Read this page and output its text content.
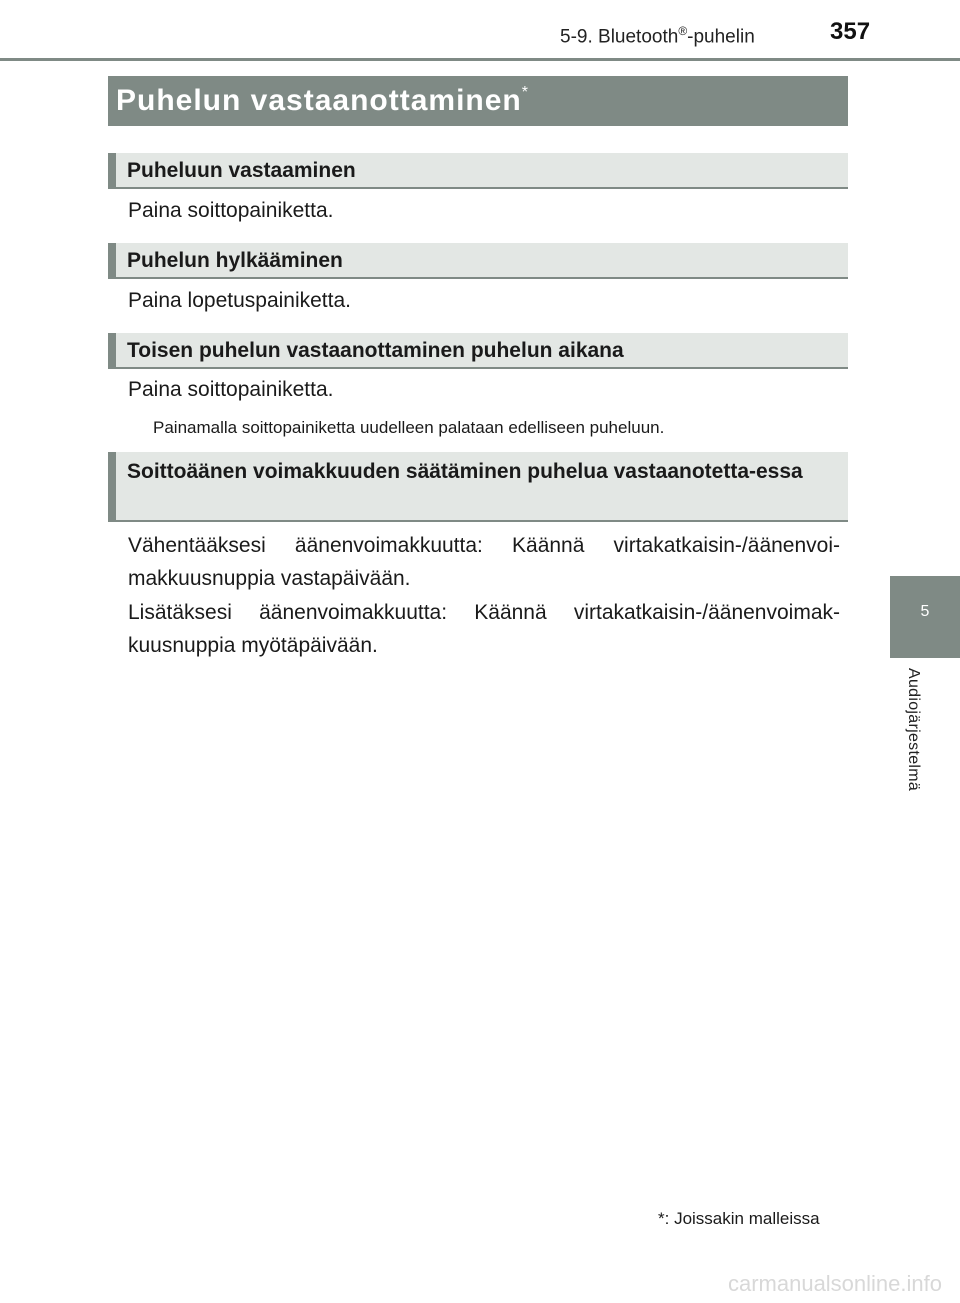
5-9. Bluetooth®-puhelin	357
5
Audiojärjestelmä
Puhelun vastaanottaminen*
Puheluun vastaaminen
Paina soittopainiketta.
Puhelun hylkääminen
Paina lopetuspainiketta.
Toisen puhelun vastaanottaminen puhelun aikana
Paina soittopainiketta.
Painamalla soittopainiketta uudelleen palataan edelliseen puheluun.
Soittoäänen voimakkuuden säätäminen puhelua vastaanotetta-essa
Vähentääksesi äänenvoimakkuutta: Käännä virtakatkaisin-/äänenvoi-makkuusnuppia vastapäivään.
Lisätäksesi äänenvoimakkuutta: Käännä virtakatkaisin-/äänenvoimak-kuusnuppia myötäpäivään.
*: Joissakin malleissa
carmanualsonline.info
